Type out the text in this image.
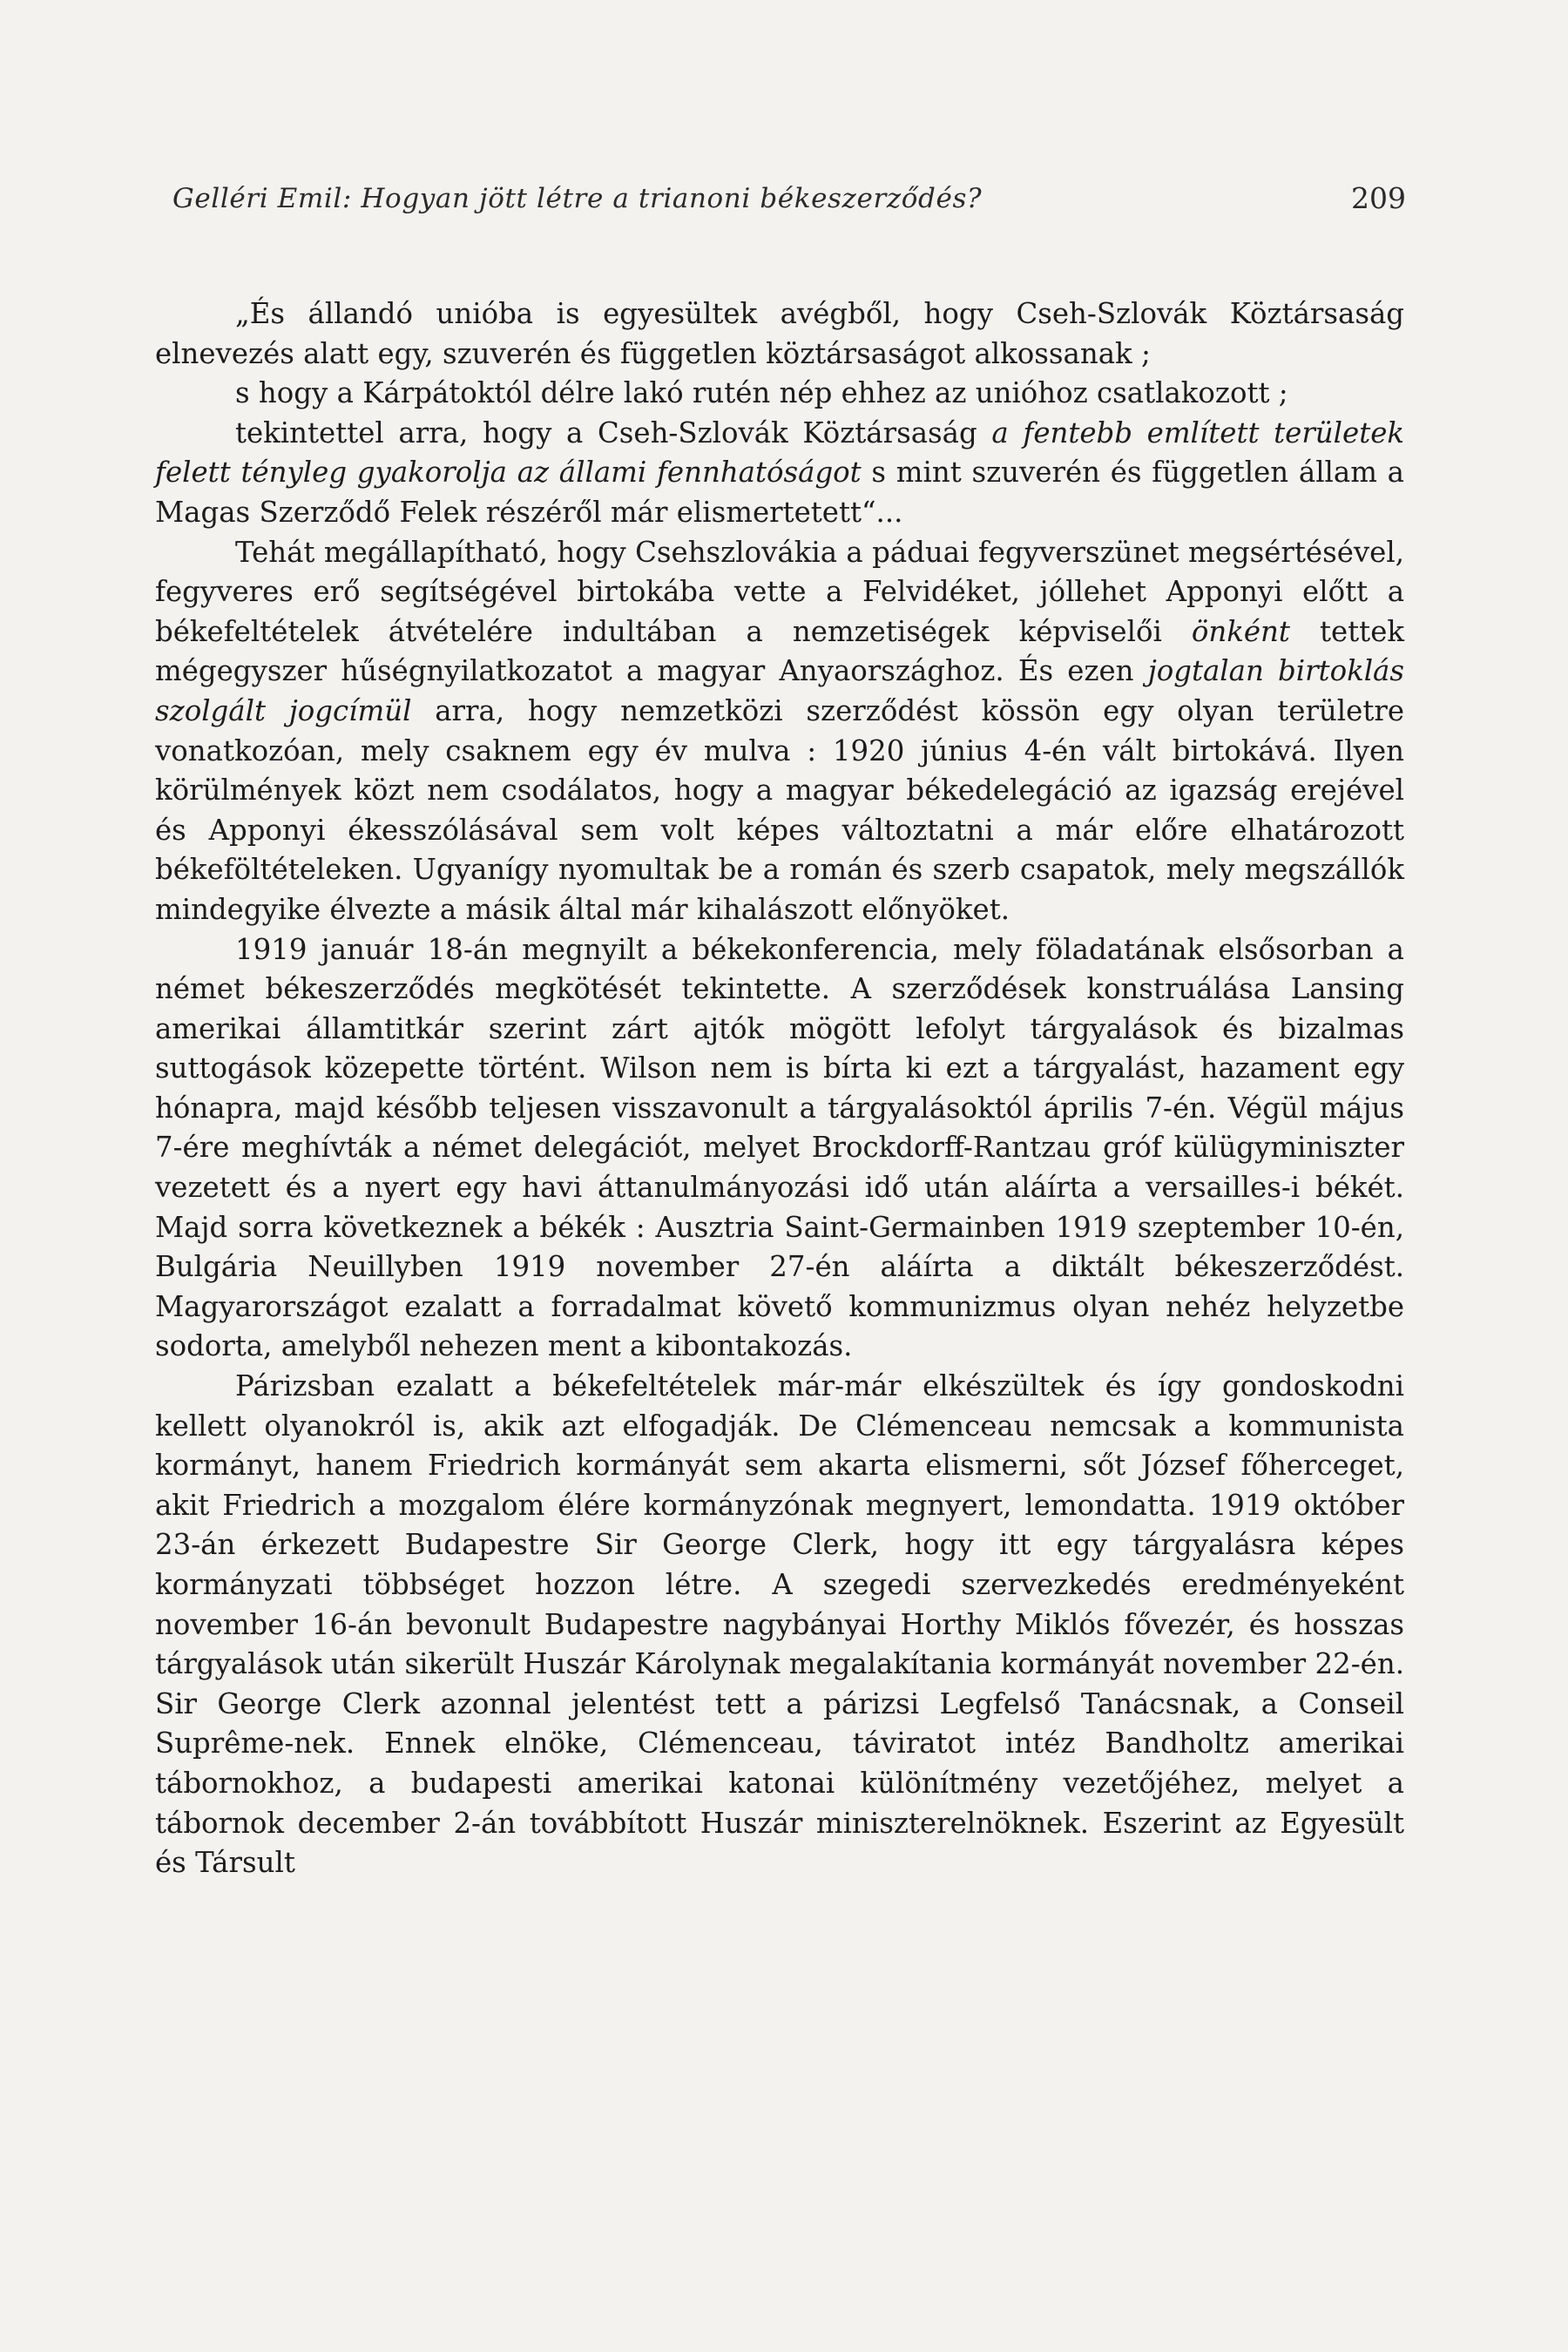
Gelléri Emil: Hogyan jött létre a trianoni békeszerződés?	209

„És állandó unióba is egyesültek avégből, hogy Cseh-Szlovák Köztársaság elnevezés alatt egy, szuverén és független köztársaságot alkossanak ;

s hogy a Kárpátoktól délre lakó rutén nép ehhez az unióhoz csatlakozott ;

tekintettel arra, hogy a Cseh-Szlovák Köztársaság a fentebb említett területek felett tényleg gyakorolja az állami fennhatóságot s mint szuverén és független állam a Magas Szerződő Felek részéről már elismertetett“...

Tehát megállapítható, hogy Csehszlovákia a páduai fegyverszünet megsértésével, fegyveres erő segítségével birtokába vette a Felvidéket, jóllehet Apponyi előtt a békefeltételek átvételére indultában a nemzetiségek képviselői önként tettek mégegyszer hűségnyilatkozatot a magyar Anyaországhoz. És ezen jogtalan birtoklás szolgált jogcímül arra, hogy nemzetközi szerződést kössön egy olyan területre vonatkozóan, mely csaknem egy év mulva : 1920 június 4-én vált birtokává. Ilyen körülmények közt nem csodálatos, hogy a magyar békedelegáció az igazság erejével és Apponyi ékesszólásával sem volt képes változtatni a már előre elhatározott békeföltételeken. Ugyanígy nyomultak be a román és szerb csapatok, mely megszállók mindegyike élvezte a másik által már kihalászott előnyöket.

1919 január 18-án megnyilt a békekonferencia, mely föladatának elsősorban a német békeszerződés megkötését tekintette. A szerződések konstruálása Lansing amerikai államtitkár szerint zárt ajtók mögött lefolyt tárgyalások és bizalmas suttogások közepette történt. Wilson nem is bírta ki ezt a tárgyalást, hazament egy hónapra, majd később teljesen visszavonult a tárgyalásoktól április 7-én. Végül május 7-ére meghívták a német delegációt, melyet Brockdorff-Rantzau gróf külügyminiszter vezetett és a nyert egy havi áttanulmányozási idő után aláírta a versailles-i békét. Majd sorra következnek a békék : Ausztria Saint-Germainben 1919 szeptember 10-én, Bulgária Neuillyben 1919 november 27-én aláírta a diktált békeszerződést. Magyarországot ezalatt a forradalmat követő kommunizmus olyan nehéz helyzetbe sodorta, amelyből nehezen ment a kibontakozás.

Párizsban ezalatt a békefeltételek már-már elkészültek és így gondoskodni kellett olyanokról is, akik azt elfogadják. De Clémenceau nemcsak a kommunista kormányt, hanem Friedrich kormányát sem akarta elismerni, sőt József főherceget, akit Friedrich a mozgalom élére kormányzónak megnyert, lemondatta. 1919 október 23-án érkezett Budapestre Sir George Clerk, hogy itt egy tárgyalásra képes kormányzati többséget hozzon létre. A szegedi szervezkedés eredményeként november 16-án bevonult Budapestre nagybányai Horthy Miklós fővezér, és hosszas tárgyalások után sikerült Huszár Károlynak megalakítania kormányát november 22-én. Sir George Clerk azonnal jelentést tett a párizsi Legfelső Tanácsnak, a Conseil Suprême-nek. Ennek elnöke, Clémenceau, táviratot intéz Bandholtz amerikai tábornokhoz, a budapesti amerikai katonai különítmény vezetőjéhez, melyet a tábornok december 2-án továbbított Huszár miniszterelnöknek. Eszerint az Egyesült és Társult
